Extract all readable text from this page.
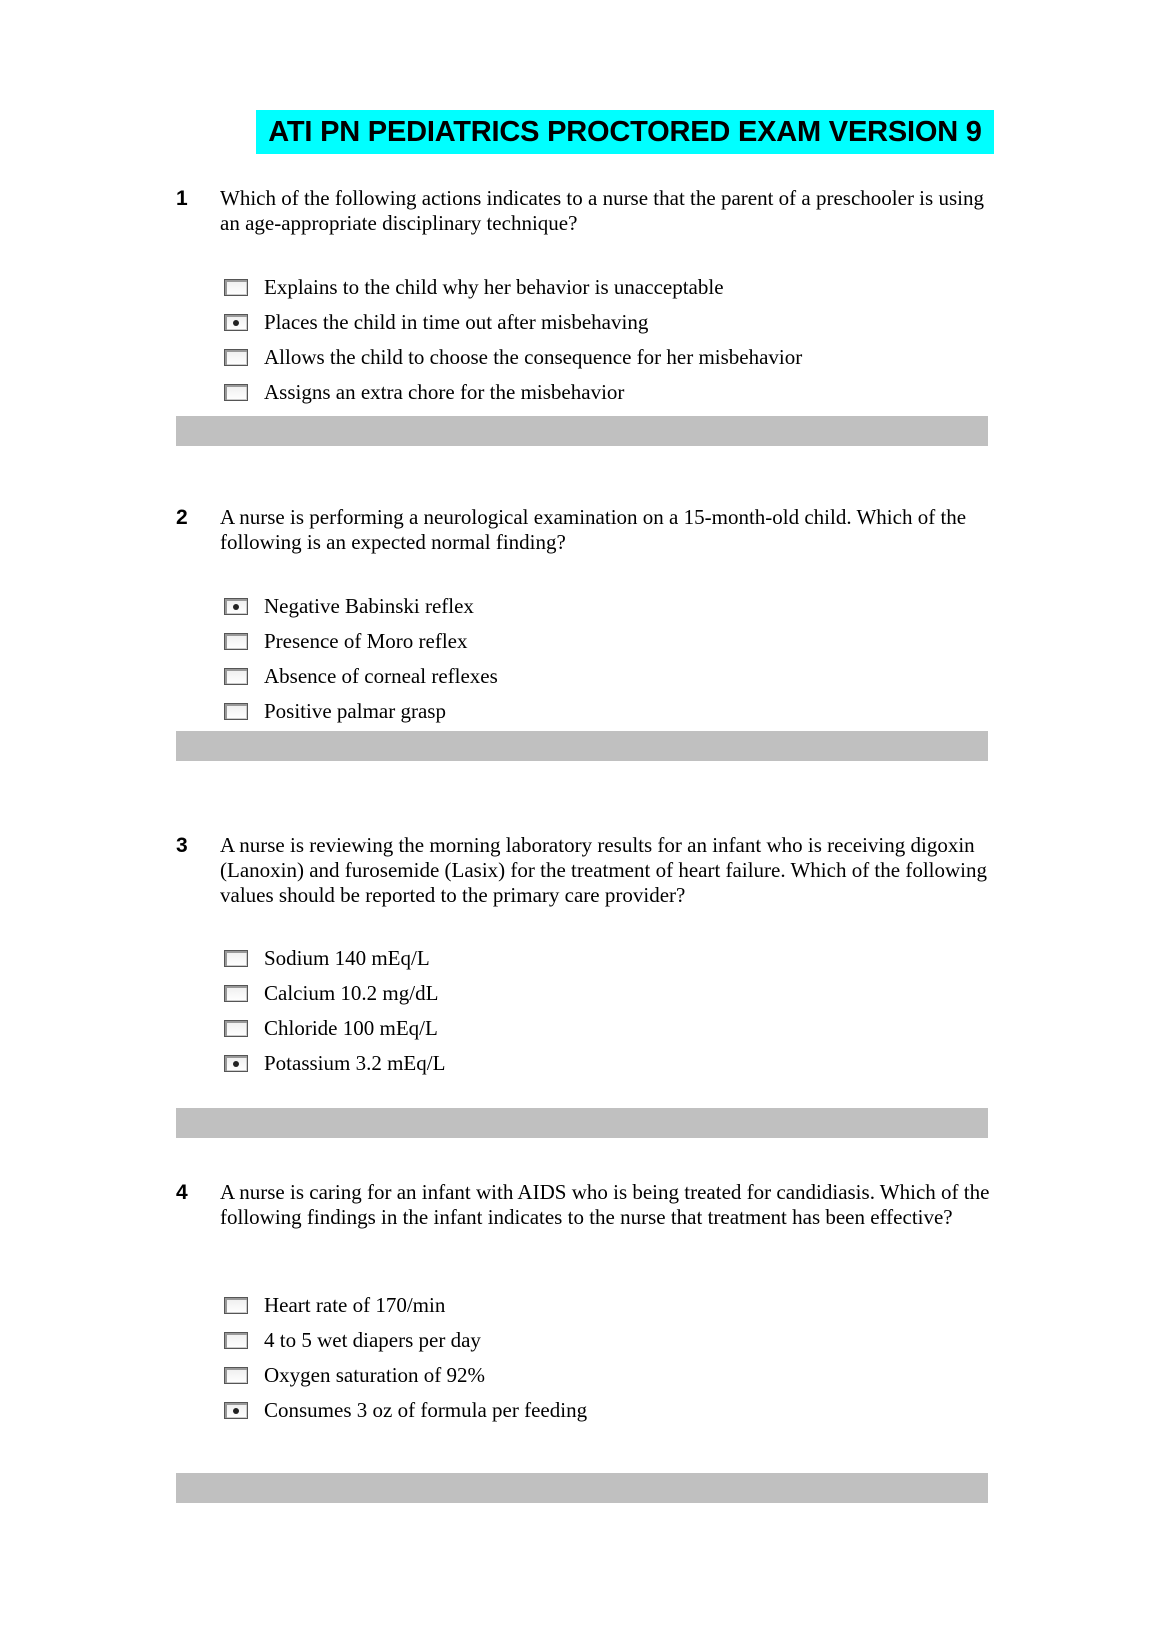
ATI PN PEDIATRICS PROCTORED EXAM VERSION 9
1 Which of the following actions indicates to a nurse that the parent of a preschooler is using an age-appropriate disciplinary technique?

Explains to the child why her behavior is unacceptable
Places the child in time out after misbehaving
Allows the child to choose the consequence for her misbehavior
Assigns an extra chore for the misbehavior
2 A nurse is performing a neurological examination on a 15-month-old child. Which of the following is an expected normal finding?

Negative Babinski reflex
Presence of Moro reflex
Absence of corneal reflexes
Positive palmar grasp
3 A nurse is reviewing the morning laboratory results for an infant who is receiving digoxin (Lanoxin) and furosemide (Lasix) for the treatment of heart failure. Which of the following values should be reported to the primary care provider?

Sodium 140 mEq/L
Calcium 10.2 mg/dL
Chloride 100 mEq/L
Potassium 3.2 mEq/L
4 A nurse is caring for an infant with AIDS who is being treated for candidiasis. Which of the following findings in the infant indicates to the nurse that treatment has been effective?

Heart rate of 170/min
4 to 5 wet diapers per day
Oxygen saturation of 92%
Consumes 3 oz of formula per feeding
